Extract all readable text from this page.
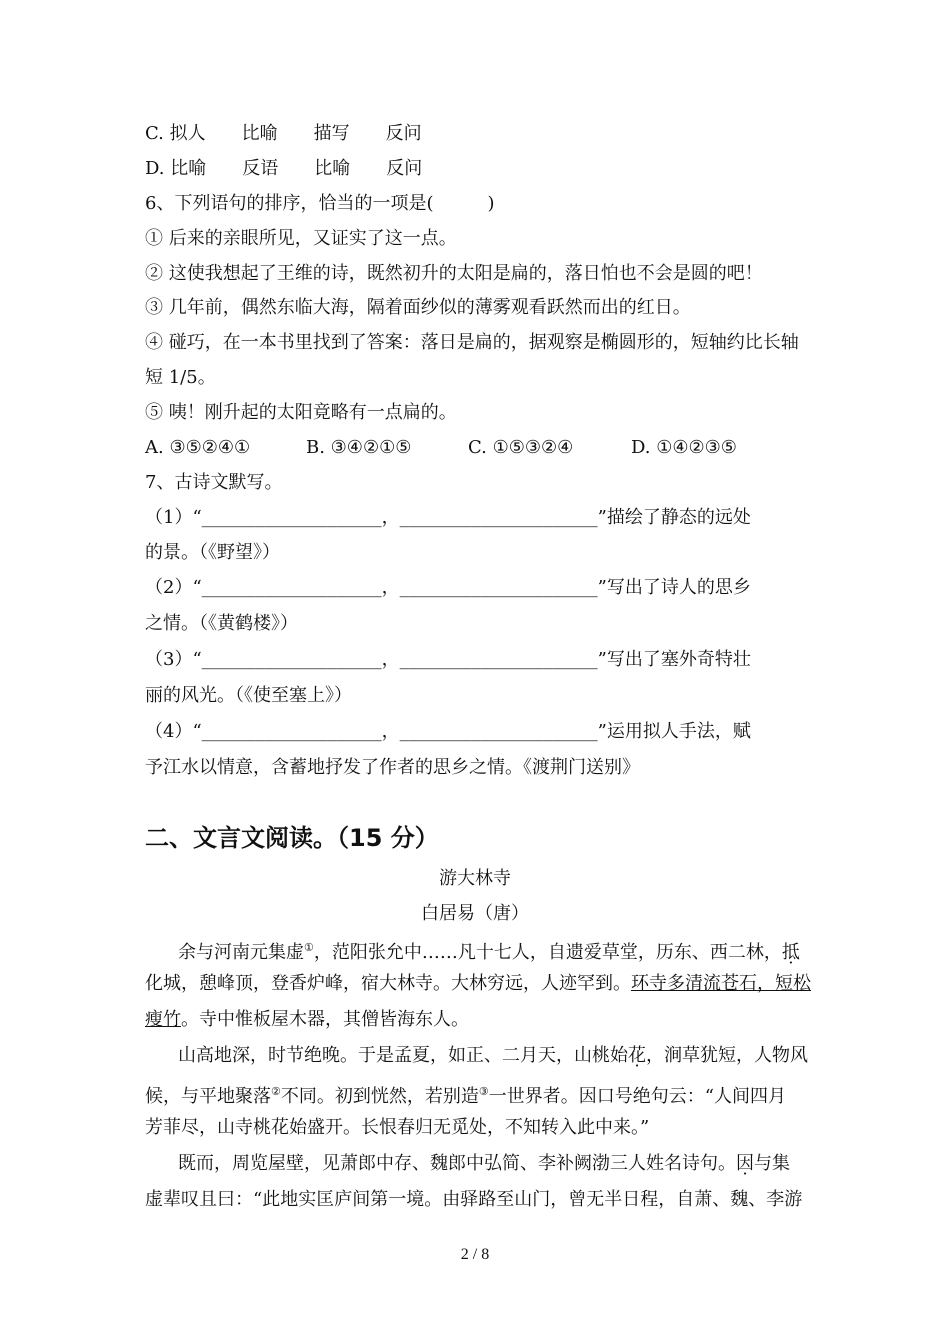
C. 拟人　　比喻　　描写　　反问
D. 比喻　　反语　　比喻　　反问
6、下列语句的排序，恰当的一项是(　　　)
① 后来的亲眼所见，又证实了这一点。
② 这使我想起了王维的诗，既然初升的太阳是扁的，落日怕也不会是圆的吧！
③ 几年前，偶然东临大海，隔着面纱似的薄雾观看跃然而出的红日。
④ 碰巧，在一本书里找到了答案：落日是扁的，据观察是椭圆形的，短轴约比长轴
短 1/5。
⑤ 咦！刚升起的太阳竟略有一点扁的。
A. ③⑤②④①	B. ③④②①⑤	C. ①⑤③②④	D. ①④②③⑤
7、古诗文默写。
（1）“____________________，______________________”描绘了静态的远处
的景。（《野望》）
（2）“____________________，______________________”写出了诗人的思乡
之情。（《黄鹤楼》）
（3）“____________________，______________________”写出了塞外奇特壮
丽的风光。（《使至塞上》）
（4）“____________________，______________________”运用拟人手法，赋
予江水以情意，含蓄地抒发了作者的思乡之情。《渡荆门送别》
二、文言文阅读。（15 分）
游大林寺
白居易（唐）
余与河南元集虚①，范阳张允中……凡十七人，自遗爱草堂，历东、西二林，抵
化城，憩峰顶，登香炉峰，宿大林寺。大林穷远，人迹罕到。环寺多清流苍石，短松
瘦竹。寺中惟板屋木器，其僧皆海东人。
山高地深，时节绝晚。于是孟夏，如正、二月天，山桃始花，涧草犹短，人物风
候，与平地聚落②不同。初到恍然，若别造③一世界者。因口号绝句云：“人间四月
芳菲尽，山寺桃花始盛开。长恨春归无觅处，不知转入此中来。”
既而，周览屋壁，见萧郎中存、魏郎中弘简、李补阙渤三人姓名诗句。因与集
虚辈叹且曰：“此地实匡庐间第一境。由驿路至山门，曾无半日程，自萧、魏、李游
2 / 8
